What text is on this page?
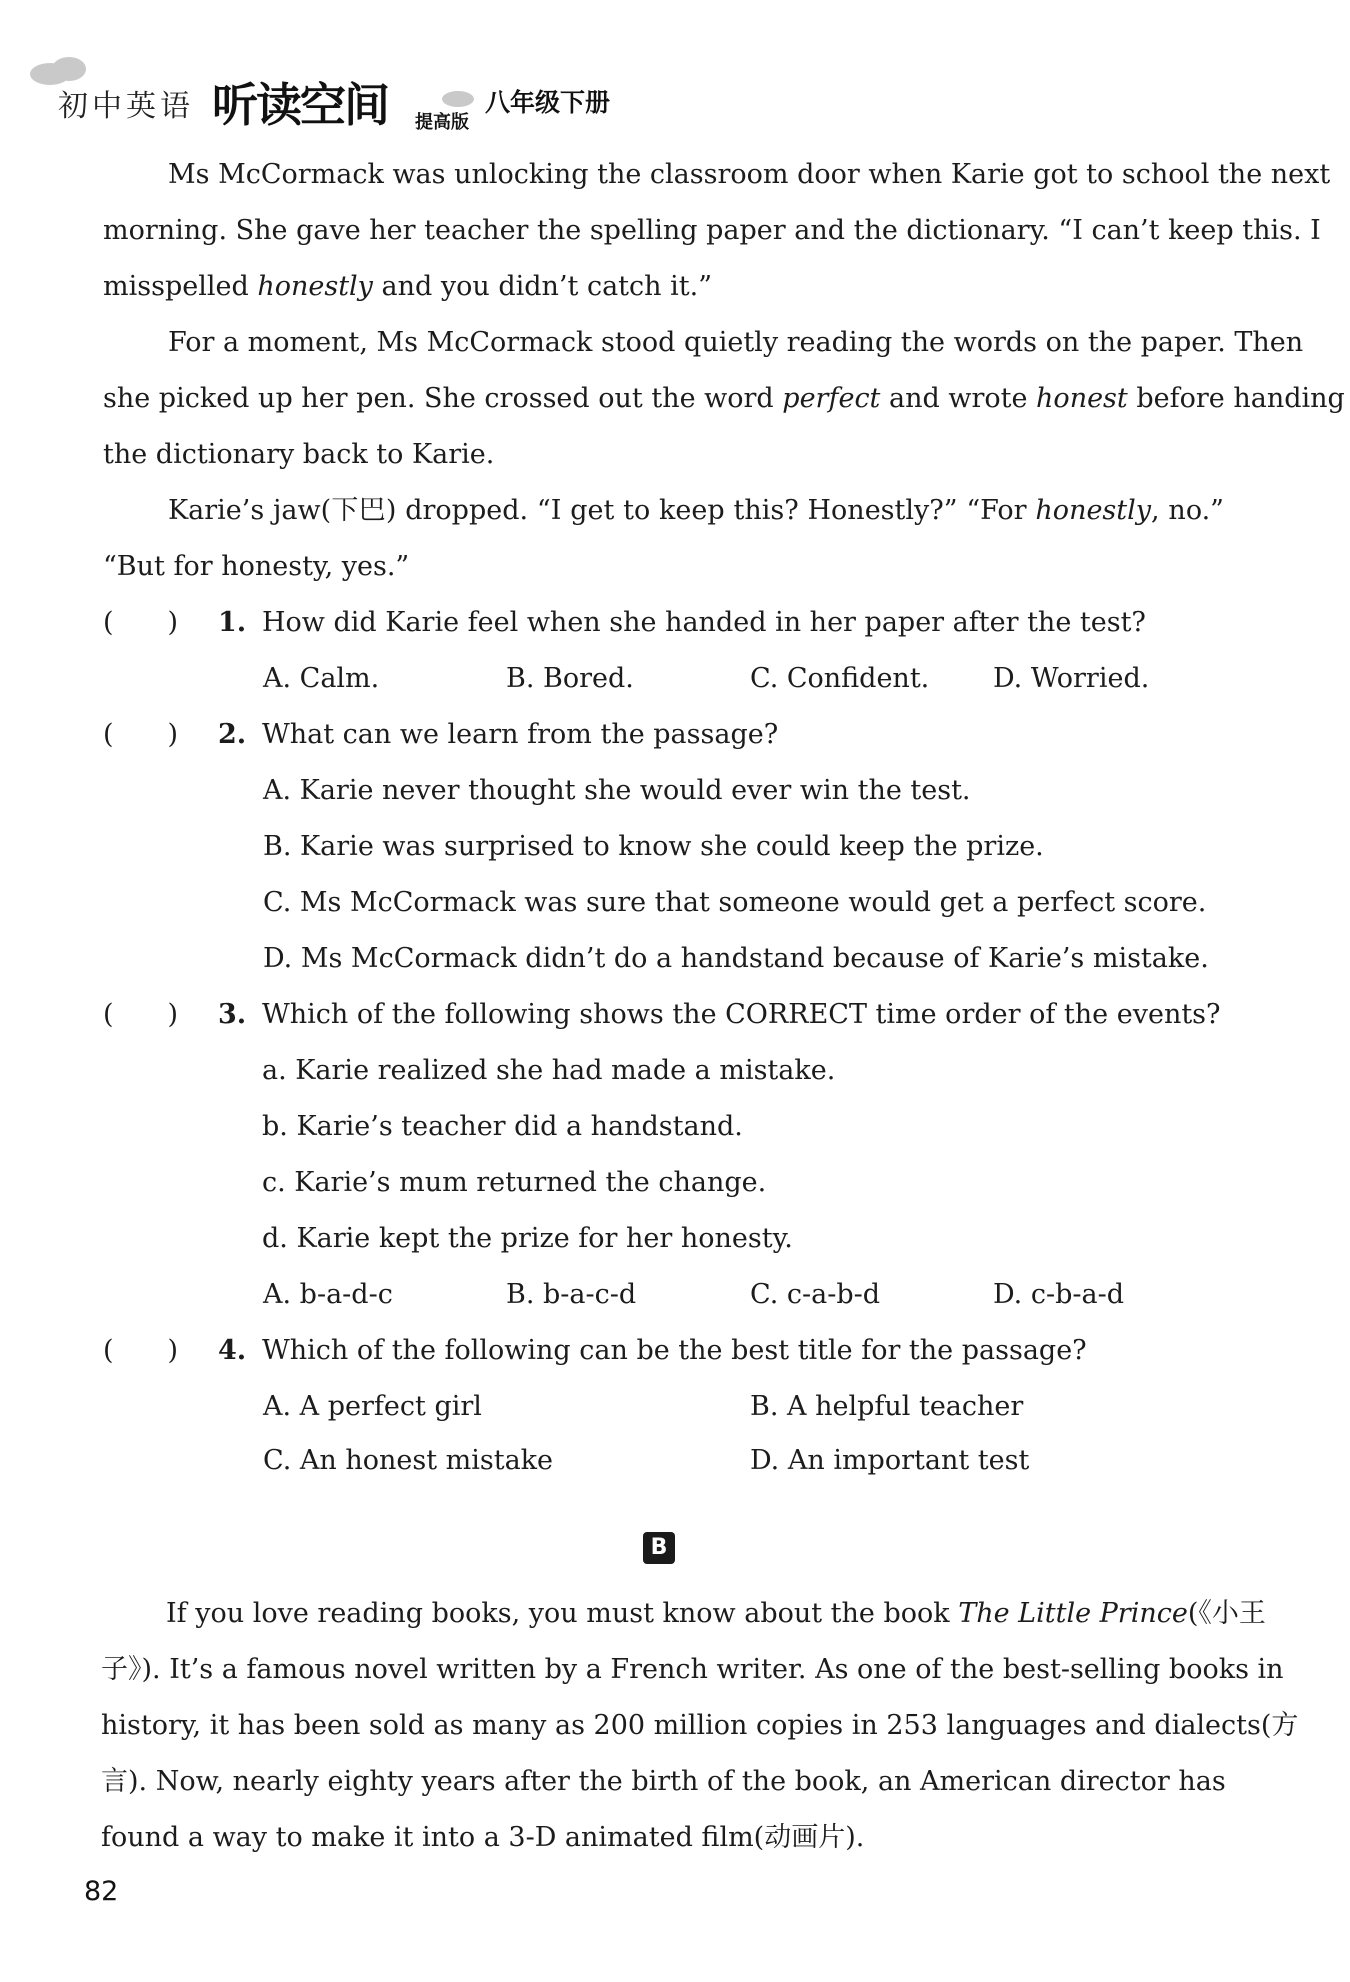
初中英语 听读空间 提高版
八年级下册
Ms McCormack was unlocking the classroom door when Karie got to school the next
morning. She gave her teacher the spelling paper and the dictionary. “I can’t keep this. I
misspelled honestly and you didn’t catch it.”
For a moment, Ms McCormack stood quietly reading the words on the paper. Then
she picked up her pen. She crossed out the word perfect and wrote honest before handing
the dictionary back to Karie.
Karie’s jaw(下巴) dropped. “I get to keep this? Honestly?” “For honestly, no.”
“But for honesty, yes.”
(　　) 1. How did Karie feel when she handed in her paper after the test?
A. Calm.	B. Bored.	C. Confident. D. Worried.
(　　) 2. What can we learn from the passage?
A. Karie never thought she would ever win the test.
B. Karie was surprised to know she could keep the prize.
C. Ms McCormack was sure that someone would get a perfect score.
D. Ms McCormack didn’t do a handstand because of Karie’s mistake.
(　　) 3. Which of the following shows the CORRECT time order of the events?
a. Karie realized she had made a mistake.
b. Karie’s teacher did a handstand.
c. Karie’s mum returned the change.
d. Karie kept the prize for her honesty.
A. b-a-d-c	B. b-a-c-d	C. c-a-b-d	D. c-b-a-d
(　　) 4. Which of the following can be the best title for the passage?
A. A perfect girl	B. A helpful teacher
C. An honest mistake	D. An important test
B
If you love reading books, you must know about the book The Little Prince(《小王
子》). It’s a famous novel written by a French writer. As one of the best-selling books in
history, it has been sold as many as 200 million copies in 253 languages and dialects(方
言). Now, nearly eighty years after the birth of the book, an American director has
found a way to make it into a 3-D animated film(动画片).
82
